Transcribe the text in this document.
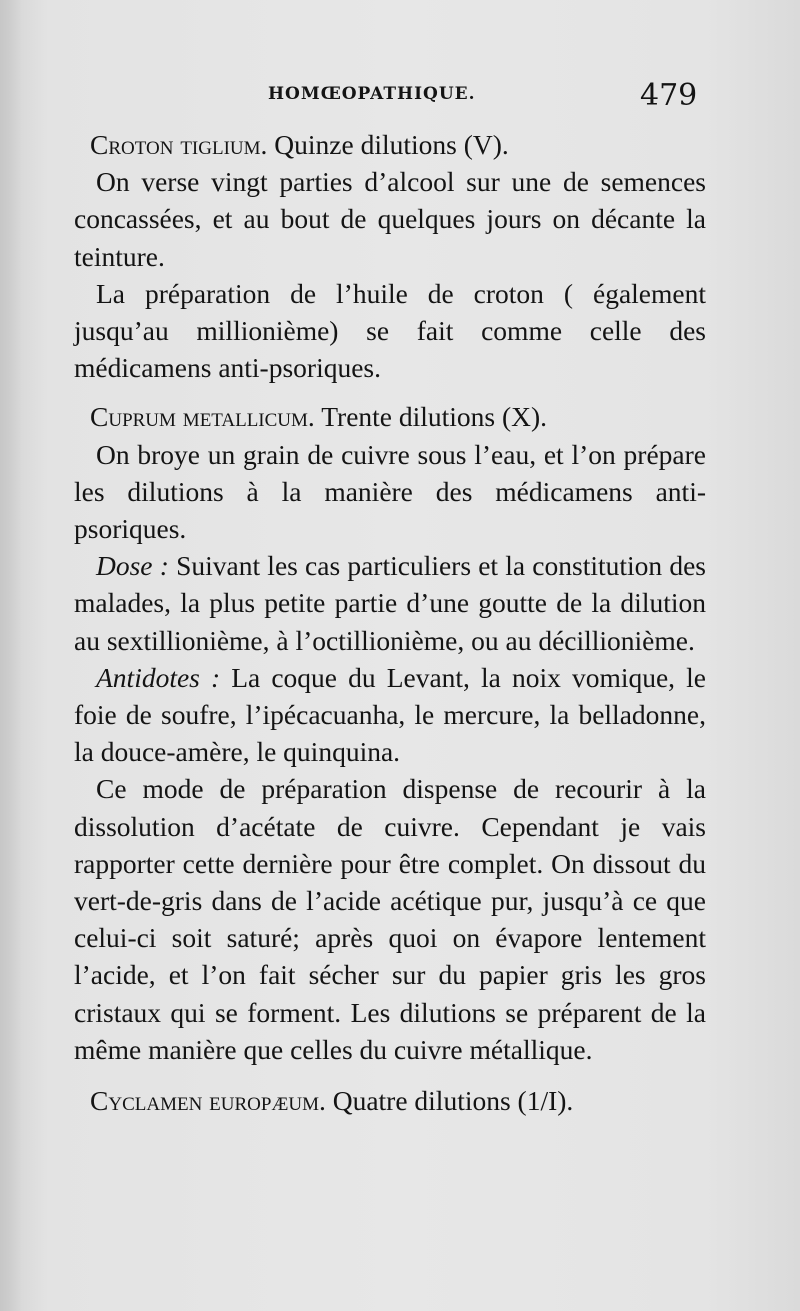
HOMŒOPATHIQUE.	479

Croton tiglium. Quinze dilutions (V).

On verse vingt parties d’alcool sur une de semences concassées, et au bout de quelques jours on décante la teinture.

La préparation de l’huile de croton ( également jusqu’au millionième) se fait comme celle des médicamens anti-psoriques.

Cuprum metallicum. Trente dilutions (X).

On broye un grain de cuivre sous l’eau, et l’on prépare les dilutions à la manière des médicamens anti-psoriques.

Dose : Suivant les cas particuliers et la constitution des malades, la plus petite partie d’une goutte de la dilution au sextillionième, à l’octillionième, ou au décillionième.

Antidotes : La coque du Levant, la noix vomique, le foie de soufre, l’ipécacuanha, le mercure, la belladonne, la douce-amère, le quinquina.

Ce mode de préparation dispense de recourir à la dissolution d’acétate de cuivre. Cependant je vais rapporter cette dernière pour être complet. On dissout du vert-de-gris dans de l’acide acétique pur, jusqu’à ce que celui-ci soit saturé; après quoi on évapore lentement l’acide, et l’on fait sécher sur du papier gris les gros cristaux qui se forment. Les dilutions se préparent de la même manière que celles du cuivre métallique.

Cyclamen europæum. Quatre dilutions (1/I).
